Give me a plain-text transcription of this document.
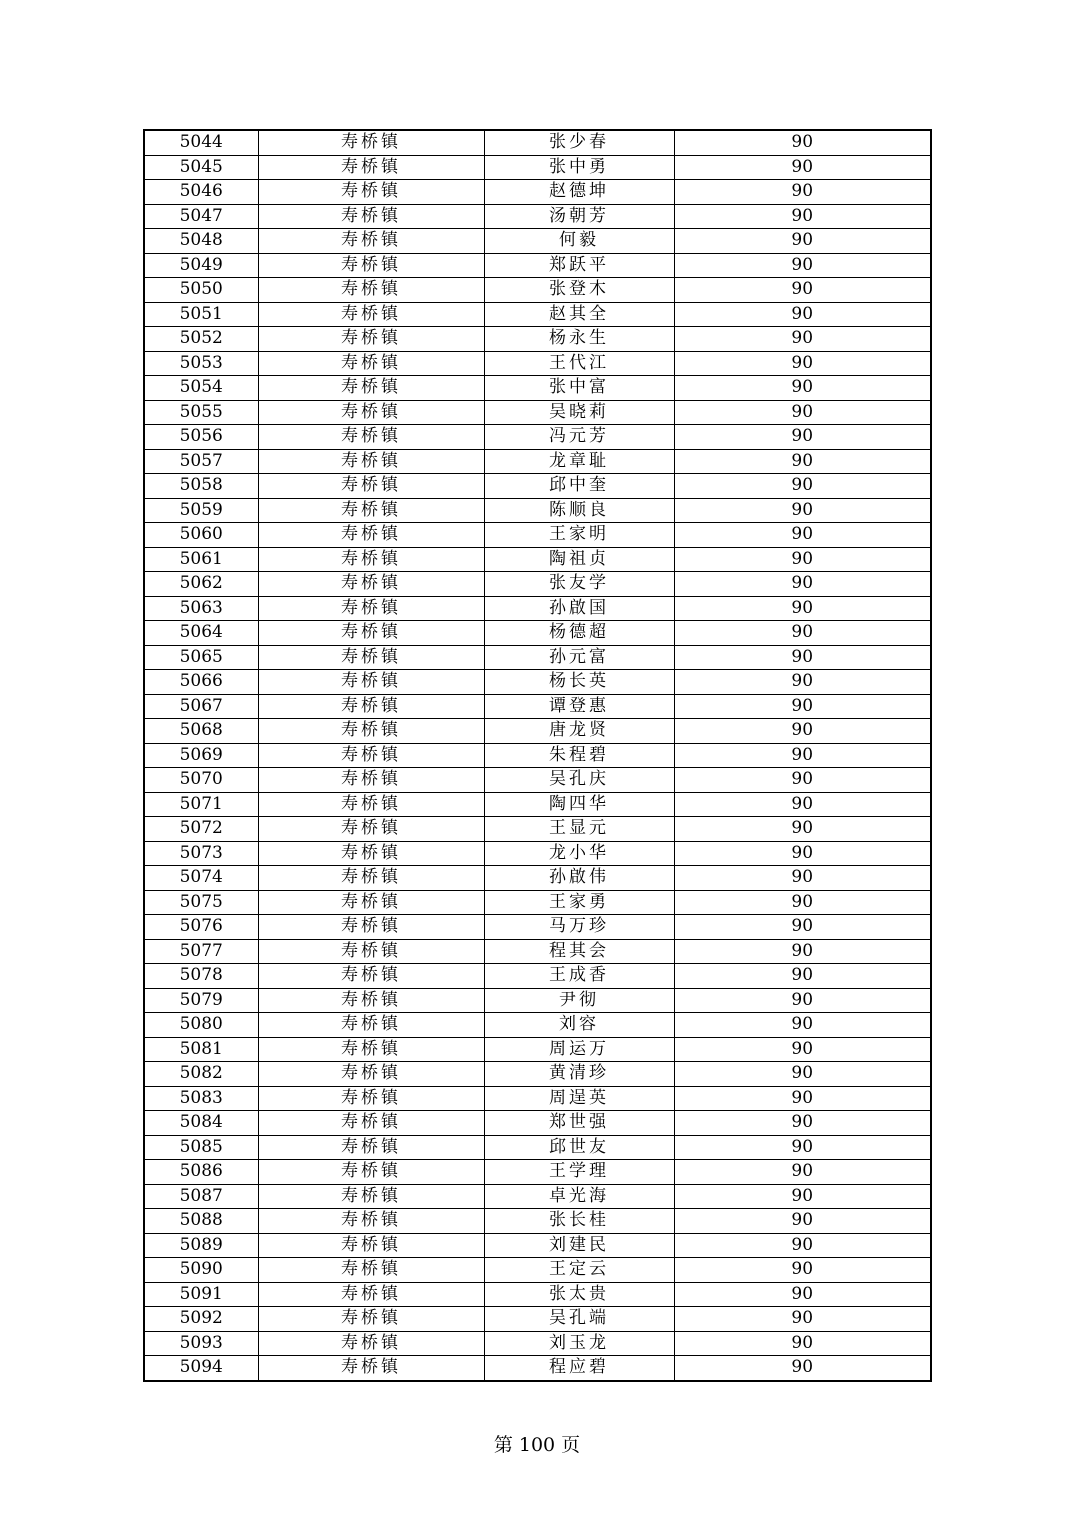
5044	寿桥镇	张少春	90
5045	寿桥镇	张中勇	90
5046	寿桥镇	赵德坤	90
5047	寿桥镇	汤朝芳	90
5048	寿桥镇	何毅	90
5049	寿桥镇	郑跃平	90
5050	寿桥镇	张登木	90
5051	寿桥镇	赵其全	90
5052	寿桥镇	杨永生	90
5053	寿桥镇	王代江	90
5054	寿桥镇	张中富	90
5055	寿桥镇	吴晓莉	90
5056	寿桥镇	冯元芳	90
5057	寿桥镇	龙章耻	90
5058	寿桥镇	邱中奎	90
5059	寿桥镇	陈顺良	90
5060	寿桥镇	王家明	90
5061	寿桥镇	陶祖贞	90
5062	寿桥镇	张友学	90
5063	寿桥镇	孙啟国	90
5064	寿桥镇	杨德超	90
5065	寿桥镇	孙元富	90
5066	寿桥镇	杨长英	90
5067	寿桥镇	谭登惠	90
5068	寿桥镇	唐龙贤	90
5069	寿桥镇	朱程碧	90
5070	寿桥镇	吴孔庆	90
5071	寿桥镇	陶四华	90
5072	寿桥镇	王显元	90
5073	寿桥镇	龙小华	90
5074	寿桥镇	孙啟伟	90
5075	寿桥镇	王家勇	90
5076	寿桥镇	马万珍	90
5077	寿桥镇	程其会	90
5078	寿桥镇	王成香	90
5079	寿桥镇	尹彻	90
5080	寿桥镇	刘容	90
5081	寿桥镇	周运万	90
5082	寿桥镇	黄清珍	90
5083	寿桥镇	周逞英	90
5084	寿桥镇	郑世强	90
5085	寿桥镇	邱世友	90
5086	寿桥镇	王学理	90
5087	寿桥镇	卓光海	90
5088	寿桥镇	张长桂	90
5089	寿桥镇	刘建民	90
5090	寿桥镇	王定云	90
5091	寿桥镇	张太贵	90
5092	寿桥镇	吴孔端	90
5093	寿桥镇	刘玉龙	90
5094	寿桥镇	程应碧	90
第 100 页
